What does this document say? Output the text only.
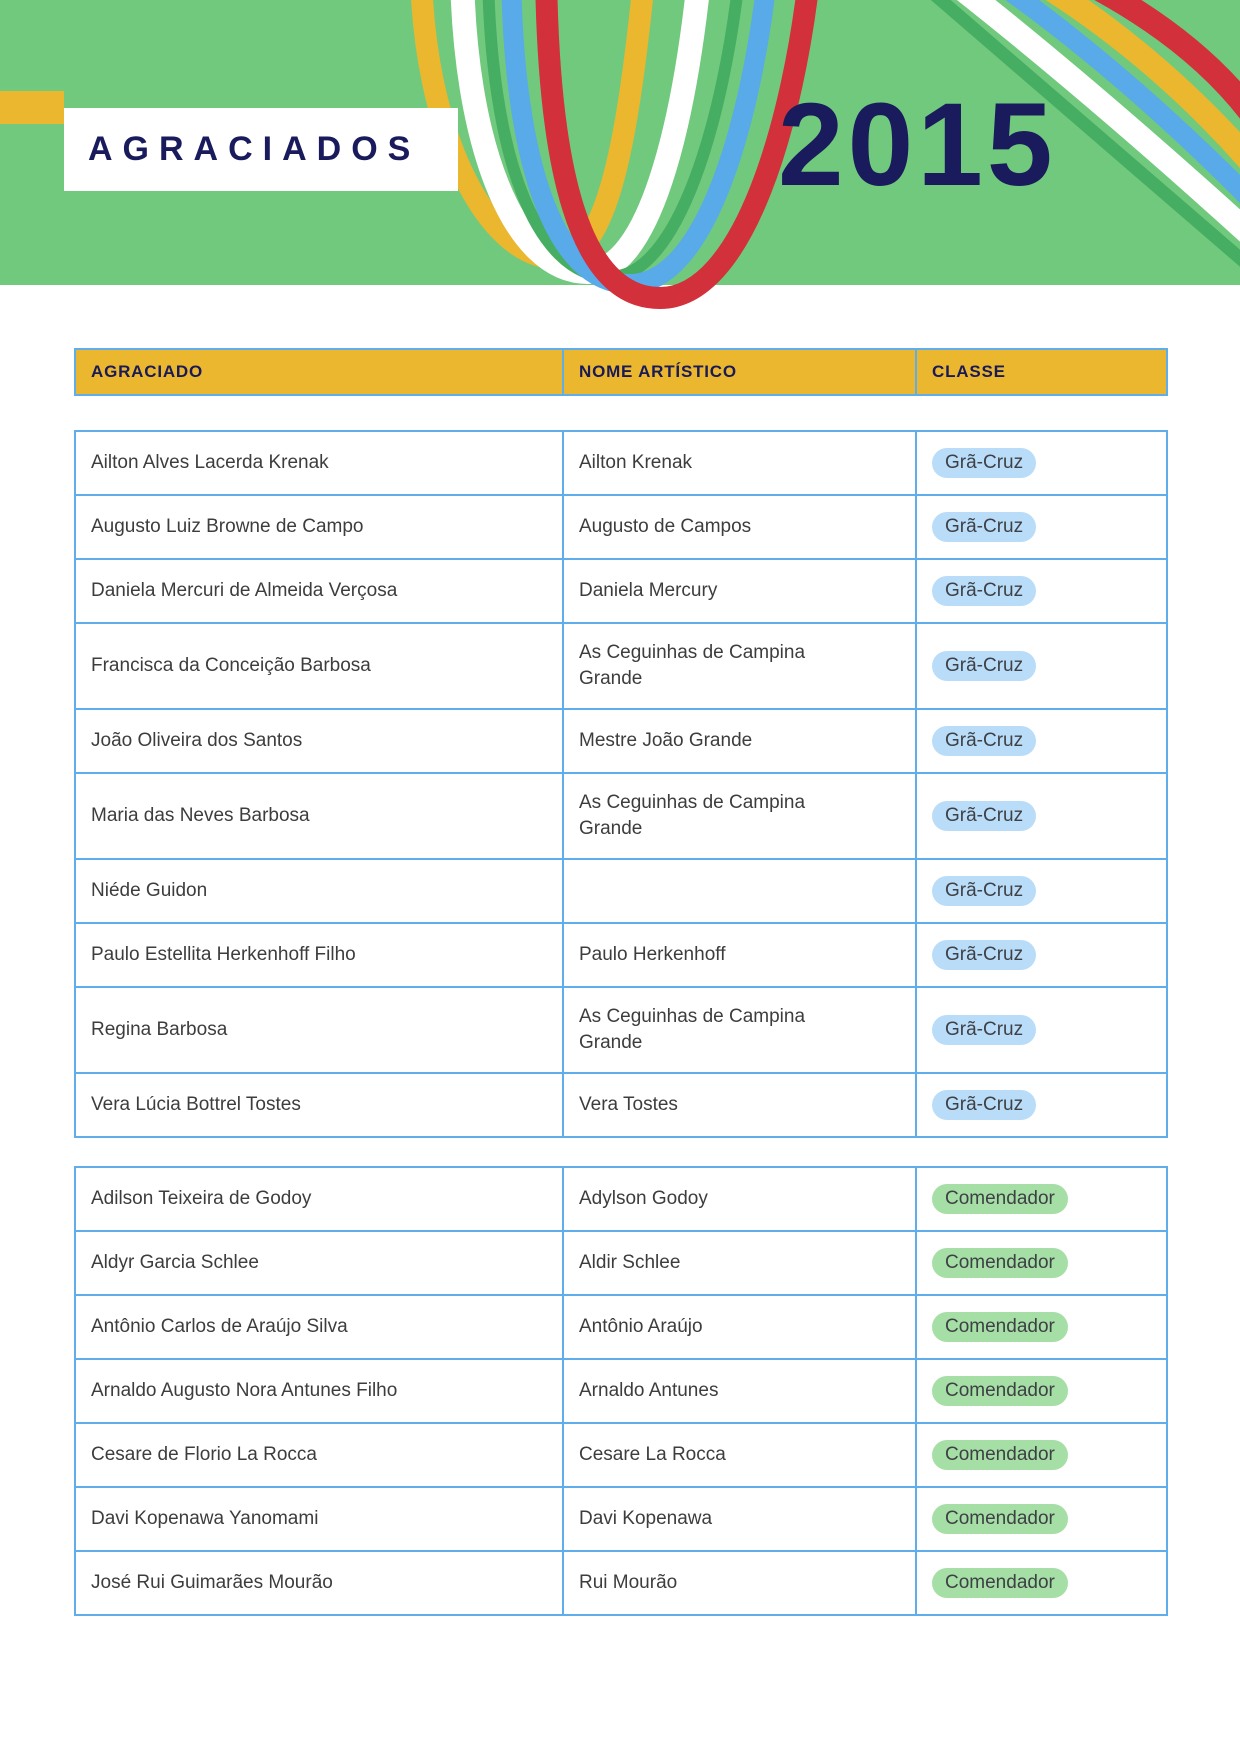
AGRACIADOS	2015

AGRACIADO	NOME ARTÍSTICO	CLASSE
Ailton Alves Lacerda Krenak	Ailton Krenak	Grã-Cruz
Augusto Luiz Browne de Campo	Augusto de Campos	Grã-Cruz
Daniela Mercuri de Almeida Verçosa	Daniela Mercury	Grã-Cruz
Francisca da Conceição Barbosa	As Ceguinhas de Campina Grande	Grã-Cruz
João Oliveira dos Santos	Mestre João Grande	Grã-Cruz
Maria das Neves Barbosa	As Ceguinhas de Campina Grande	Grã-Cruz
Niéde Guidon		Grã-Cruz
Paulo Estellita Herkenhoff Filho	Paulo Herkenhoff	Grã-Cruz
Regina Barbosa	As Ceguinhas de Campina Grande	Grã-Cruz
Vera Lúcia Bottrel Tostes	Vera Tostes	Grã-Cruz
Adilson Teixeira de Godoy	Adylson Godoy	Comendador
Aldyr Garcia Schlee	Aldir Schlee	Comendador
Antônio Carlos de Araújo Silva	Antônio Araújo	Comendador
Arnaldo Augusto Nora Antunes Filho	Arnaldo Antunes	Comendador
Cesare de Florio La Rocca	Cesare La Rocca	Comendador
Davi Kopenawa Yanomami	Davi Kopenawa	Comendador
José Rui Guimarães Mourão	Rui Mourão	Comendador
